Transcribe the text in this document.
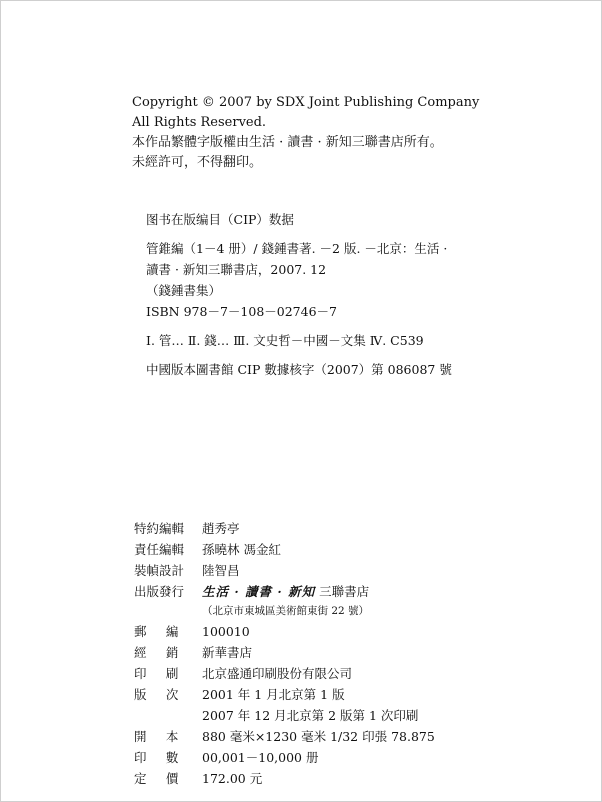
Copyright © 2007 by SDX Joint Publishing Company
All Rights Reserved.
本作品繁體字版權由生活 · 讀書 · 新知三聯書店所有。
未經許可，不得翻印。
图书在版编目（CIP）数据
管錐編（1－4 册）/ 錢鍾書著. －2 版. －北京：生活 ·
讀書 · 新知三聯書店，2007. 12
（錢鍾書集）
ISBN 978－7－108－02746－7
Ⅰ. 管… Ⅱ. 錢… Ⅲ. 文史哲－中國－文集 Ⅳ. C539
中國版本圖書館 CIP 數據核字（2007）第 086087 號
特約編輯	趙秀亭
責任編輯	孫曉林 馮金紅
裝幀設計	陸智昌
出版發行	生活 · 讀書 · 新知 三聯書店
（北京市東城區美術館東街 22 號）
郵編 100010
經銷 新華書店
印刷 北京盛通印刷股份有限公司
版次 2001 年 1 月北京第 1 版
2007 年 12 月北京第 2 版第 1 次印刷
開本 880 毫米×1230 毫米 1/32 印張 78.875
印數 00,001－10,000 册
定價 172.00 元
